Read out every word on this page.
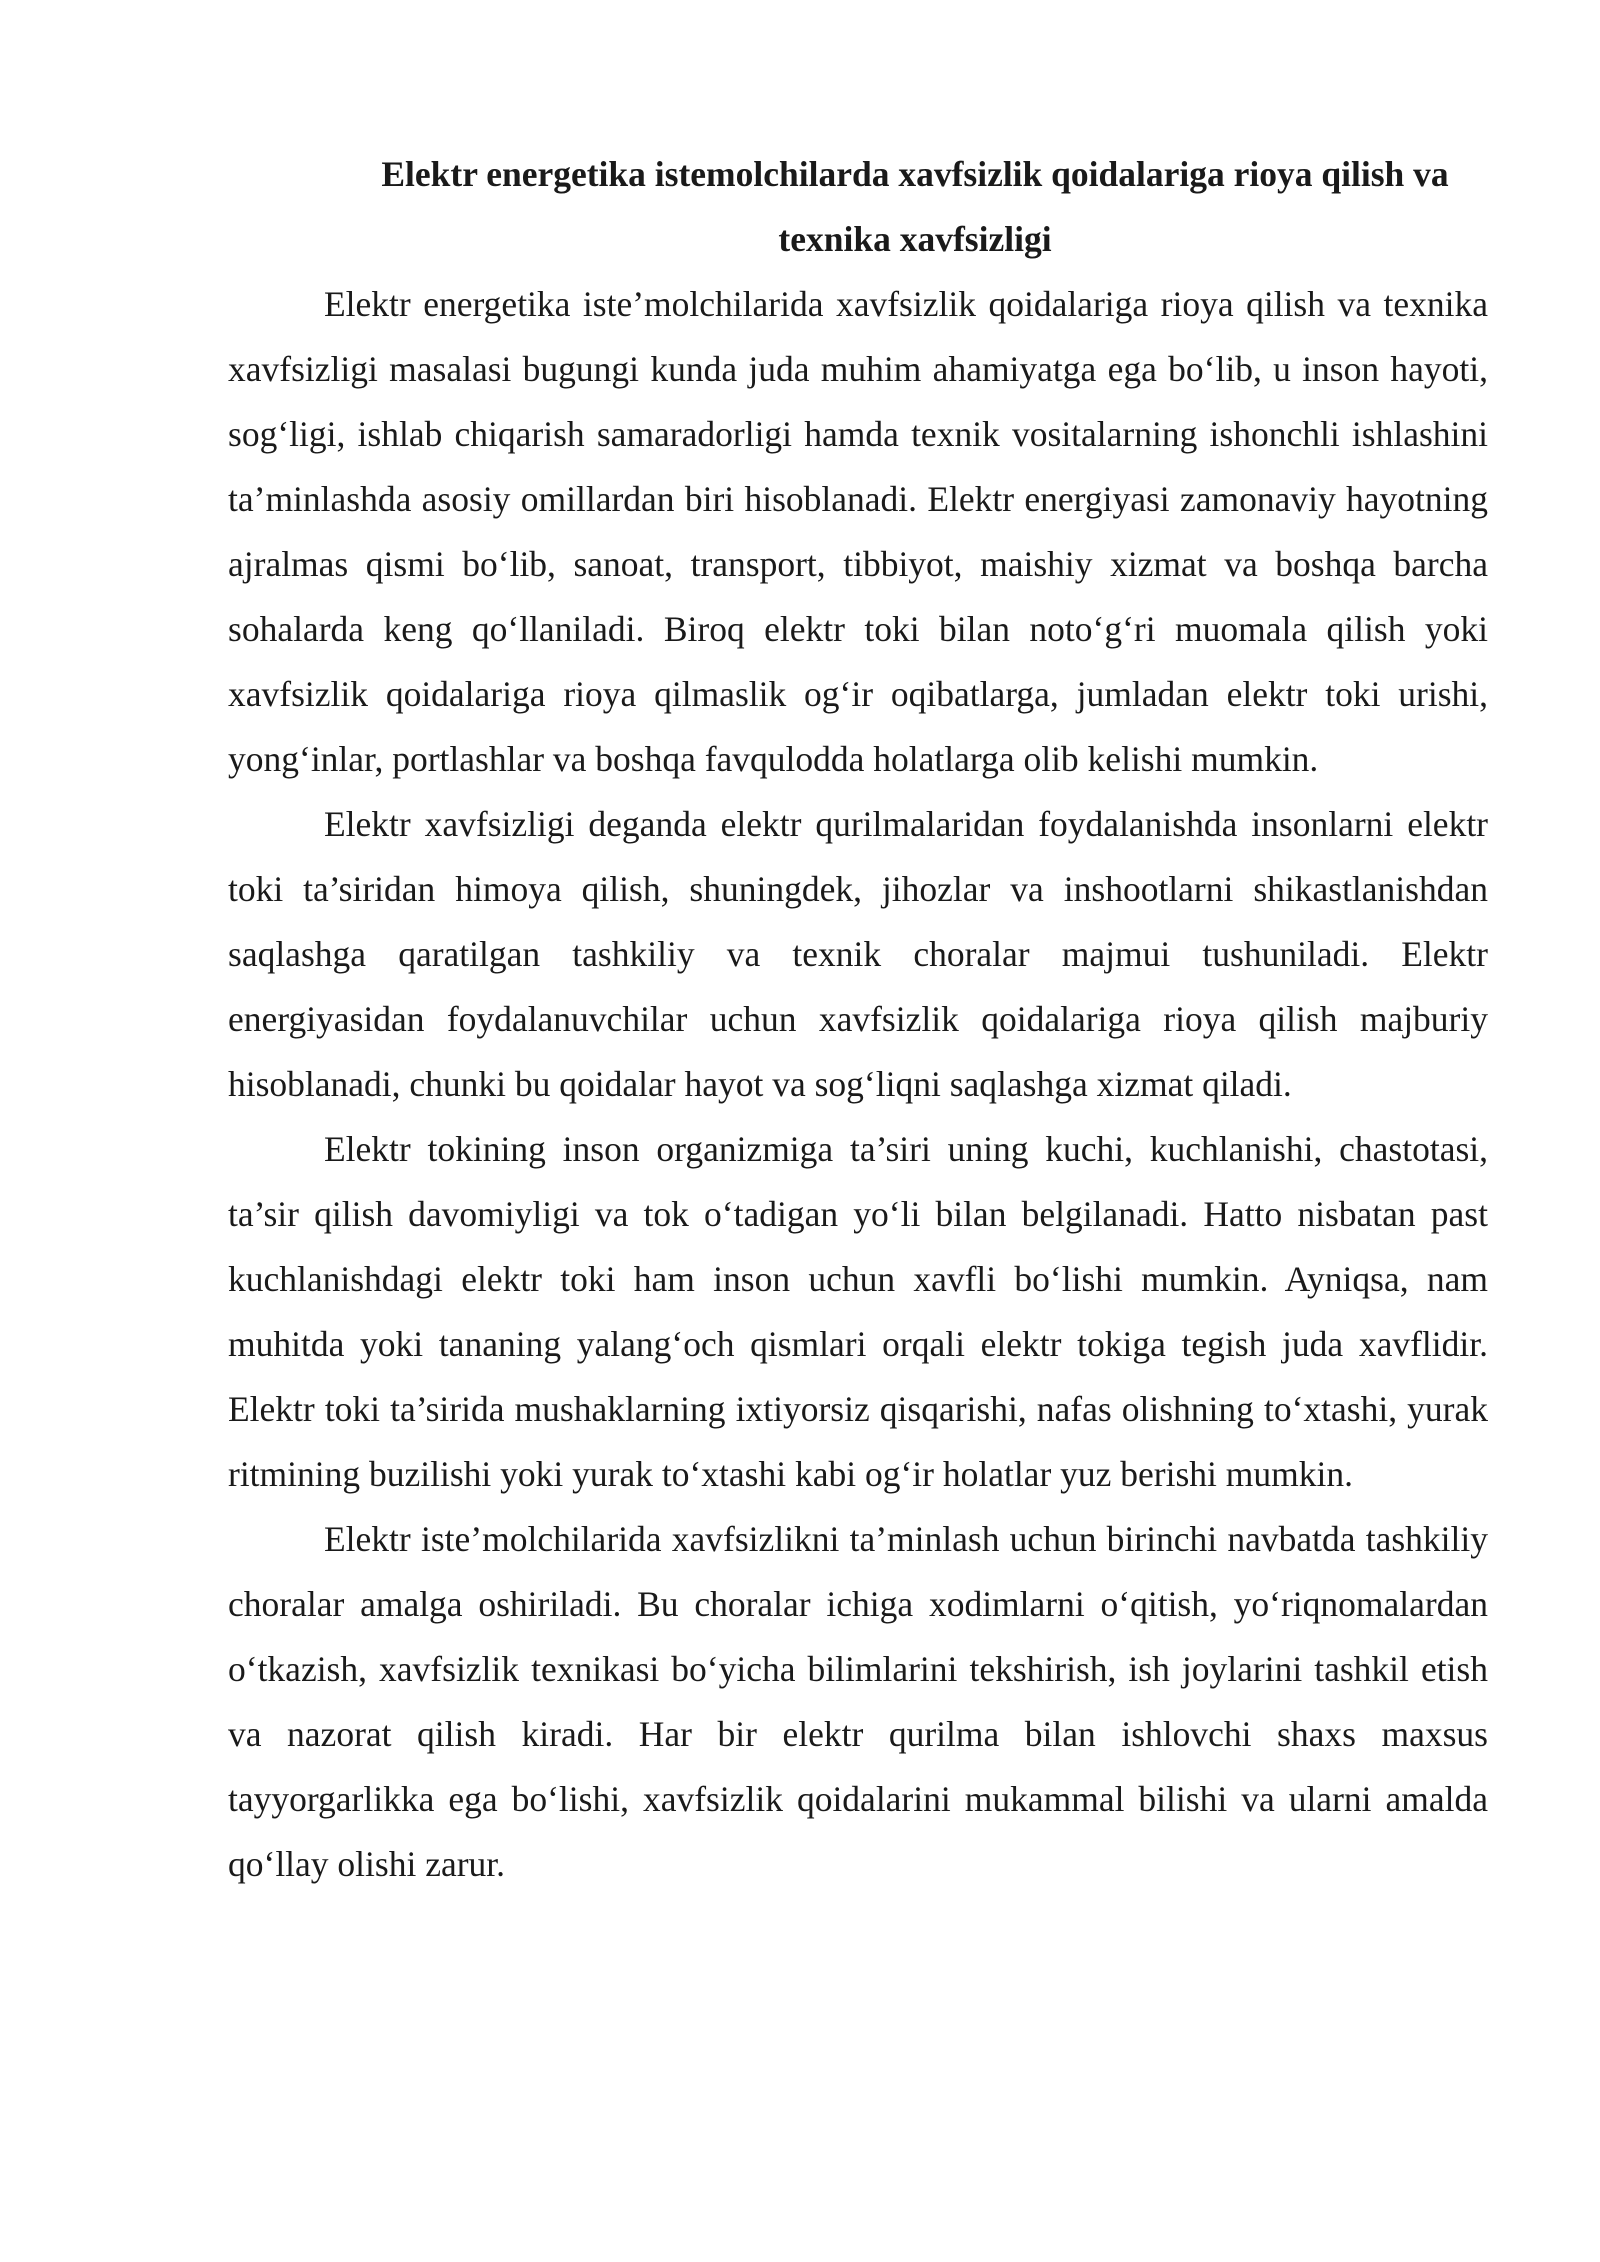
Elektr energetika istemolchilarda xavfsizlik qoidalariga rioya qilish va texnika xavfsizligi

Elektr energetika iste’molchilarida xavfsizlik qoidalariga rioya qilish va texnika xavfsizligi masalasi bugungi kunda juda muhim ahamiyatga ega bo‘lib, u inson hayoti, sog‘ligi, ishlab chiqarish samaradorligi hamda texnik vositalarning ishonchli ishlashini ta’minlashda asosiy omillardan biri hisoblanadi. Elektr energiyasi zamonaviy hayotning ajralmas qismi bo‘lib, sanoat, transport, tibbiyot, maishiy xizmat va boshqa barcha sohalarda keng qo‘llaniladi. Biroq elektr toki bilan noto‘g‘ri muomala qilish yoki xavfsizlik qoidalariga rioya qilmaslik og‘ir oqibatlarga, jumladan elektr toki urishi, yong‘inlar, portlashlar va boshqa favqulodda holatlarga olib kelishi mumkin.

Elektr xavfsizligi deganda elektr qurilmalaridan foydalanishda insonlarni elektr toki ta’siridan himoya qilish, shuningdek, jihozlar va inshootlarni shikastlanishdan saqlashga qaratilgan tashkiliy va texnik choralar majmui tushuniladi. Elektr energiyasidan foydalanuvchilar uchun xavfsizlik qoidalariga rioya qilish majburiy hisoblanadi, chunki bu qoidalar hayot va sog‘liqni saqlashga xizmat qiladi.

Elektr tokining inson organizmiga ta’siri uning kuchi, kuchlanishi, chastotasi, ta’sir qilish davomiyligi va tok o‘tadigan yo‘li bilan belgilanadi. Hatto nisbatan past kuchlanishdagi elektr toki ham inson uchun xavfli bo‘lishi mumkin. Ayniqsa, nam muhitda yoki tananing yalang‘och qismlari orqali elektr tokiga tegish juda xavflidir. Elektr toki ta’sirida mushaklarning ixtiyorsiz qisqarishi, nafas olishning to‘xtashi, yurak ritmining buzilishi yoki yurak to‘xtashi kabi og‘ir holatlar yuz berishi mumkin.

Elektr iste’molchilarida xavfsizlikni ta’minlash uchun birinchi navbatda tashkiliy choralar amalga oshiriladi. Bu choralar ichiga xodimlarni o‘qitish, yo‘riqnomalardan o‘tkazish, xavfsizlik texnikasi bo‘yicha bilimlarini tekshirish, ish joylarini tashkil etish va nazorat qilish kiradi. Har bir elektr qurilma bilan ishlovchi shaxs maxsus tayyorgarlikka ega bo‘lishi, xavfsizlik qoidalarini mukammal bilishi va ularni amalda qo‘llay olishi zarur.
